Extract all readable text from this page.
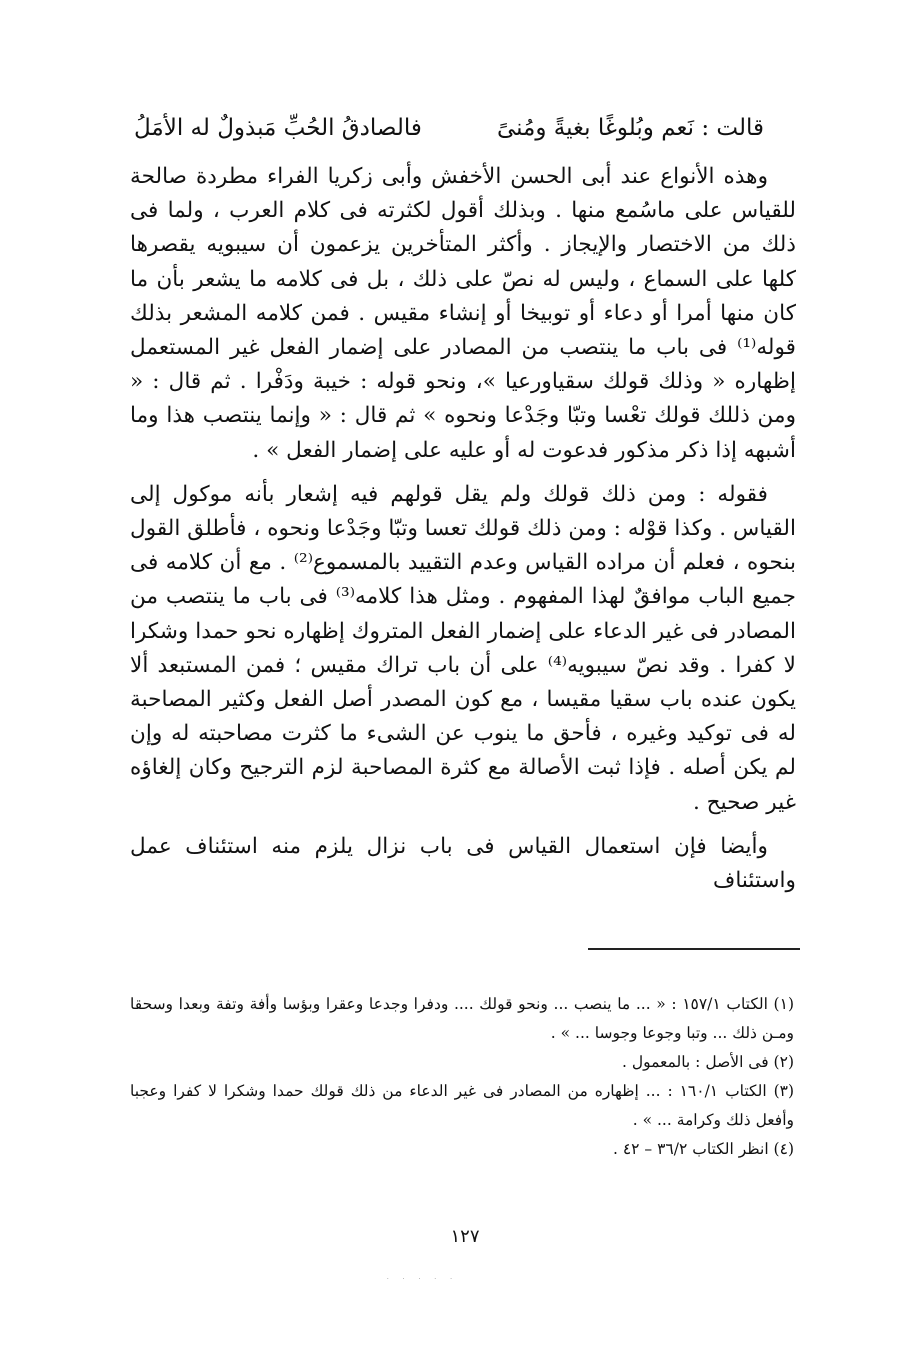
قالت : نَعم وبُلوغًا بغيةً ومُنىً
فالصادقُ الحُبِّ مَبذولٌ له الأمَلُ

وهذه الأنواع عند أبى الحسن الأخفش وأبى زكريا الفراء مطردة صالحة للقياس على ماسُمع منها . وبذلك أقول لكثرته فى كلام العرب ، ولما فى ذلك من الاختصار والإيجاز . وأكثر المتأخرين يزعمون أن سيبويه يقصرها كلها على السماع ، وليس له نصّ على ذلك ، بل فى كلامه ما يشعر بأن ما كان منها أمرا أو دعاء أو توبيخا أو إنشاء مقيس . فمن كلامه المشعر بذلك قوله⁽¹⁾ فى باب ما ينتصب من المصادر على إضمار الفعل غير المستعمل إظهاره « وذلك قولك سقياورعيا »، ونحو قوله : خيبة ودَفْرا . ثم قال : « ومن ذللك قولك تعْسا وتبّا وجَدْعا ونحوه » ثم قال : « وإنما ينتصب هذا وما أشبهه إذا ذكر مذكور فدعوت له أو عليه على إضمار الفعل » .

فقوله : ومن ذلك قولك ولم يقل قولهم فيه إشعار بأنه موكول إلى القياس . وكذا قوْله : ومن ذلك قولك تعسا وتبّا وجَدْعا ونحوه ، فأطلق القول بنحوه ، فعلم أن مراده القياس وعدم التقييد بالمسموع⁽²⁾ . مع أن كلامه فى جميع الباب موافقٌ لهذا المفهوم . ومثل هذا كلامه⁽³⁾ فى باب ما ينتصب من المصادر فى غير الدعاء على إضمار الفعل المتروك إظهاره نحو حمدا وشكرا لا كفرا . وقد نصّ سيبويه⁽⁴⁾ على أن باب تراك مقيس ؛ فمن المستبعد ألا يكون عنده باب سقيا مقيسا ، مع كون المصدر أصل الفعل وكثير المصاحبة له فى توكيد وغيره ، فأحق ما ينوب عن الشىء ما كثرت مصاحبته له وإن لم يكن أصله . فإذا ثبت الأصالة مع كثرة المصاحبة لزم الترجيح وكان إلغاؤه غير صحيح .

وأيضا فإن استعمال القياس فى باب نزال يلزم منه استئناف عمل واستئناف

(١) الكتاب ١٥٧/١ : « ... ما ينصب ... ونحو قولك .... ودفرا وجدعا وعقرا وبؤسا وأفة وتفة وبعدا وسحقا ومـن ذلك ... وتبا وجوعا وجوسا ... » .

(٢) فى الأصل : بالمعمول .

(٣) الكتاب ١٦٠/١ : ... إظهاره من المصادر فى غير الدعاء من ذلك قولك حمدا وشكرا لا كفرا وعجبا وأفعل ذلك وكرامة ... » .

(٤) انظر الكتاب ٣٦/٢ – ٤٢ .

١٢٧
· · · · ·
